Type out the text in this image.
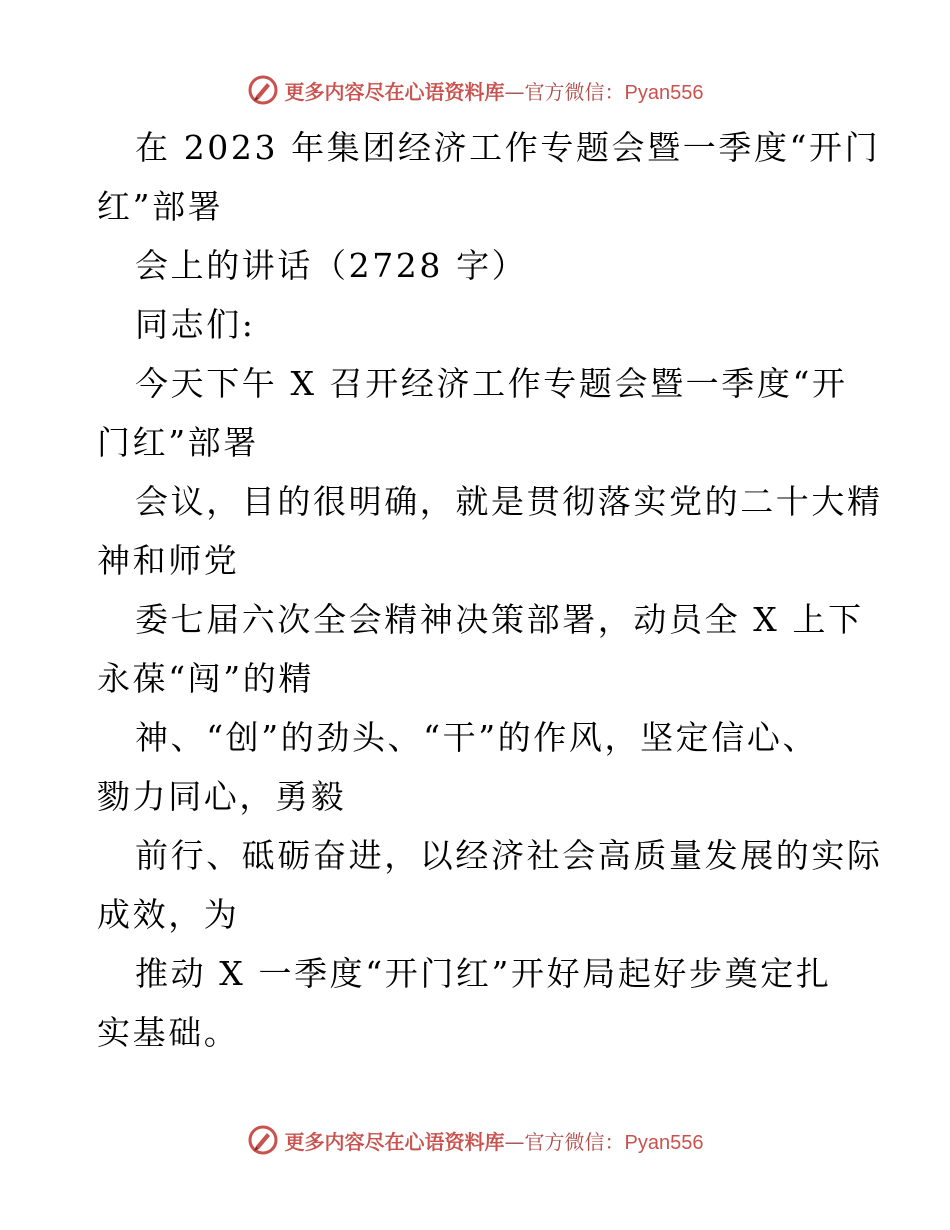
更多内容尽在心语资料库—官方微信：Pyan556
在 2023 年集团经济工作专题会暨一季度“开门
红”部署
会上的讲话（2728 字）
同志们:
今天下午 X 召开经济工作专题会暨一季度“开
门红”部署
会议，目的很明确，就是贯彻落实党的二十大精
神和师党
委七届六次全会精神决策部署，动员全 X 上下
永葆“闯”的精
神、“创”的劲头、“干”的作风，坚定信心、
勠力同心，勇毅
前行、砥砺奋进，以经济社会高质量发展的实际
成效，为
推动 X 一季度“开门红”开好局起好步奠定扎
实基础。
更多内容尽在心语资料库—官方微信：Pyan556
